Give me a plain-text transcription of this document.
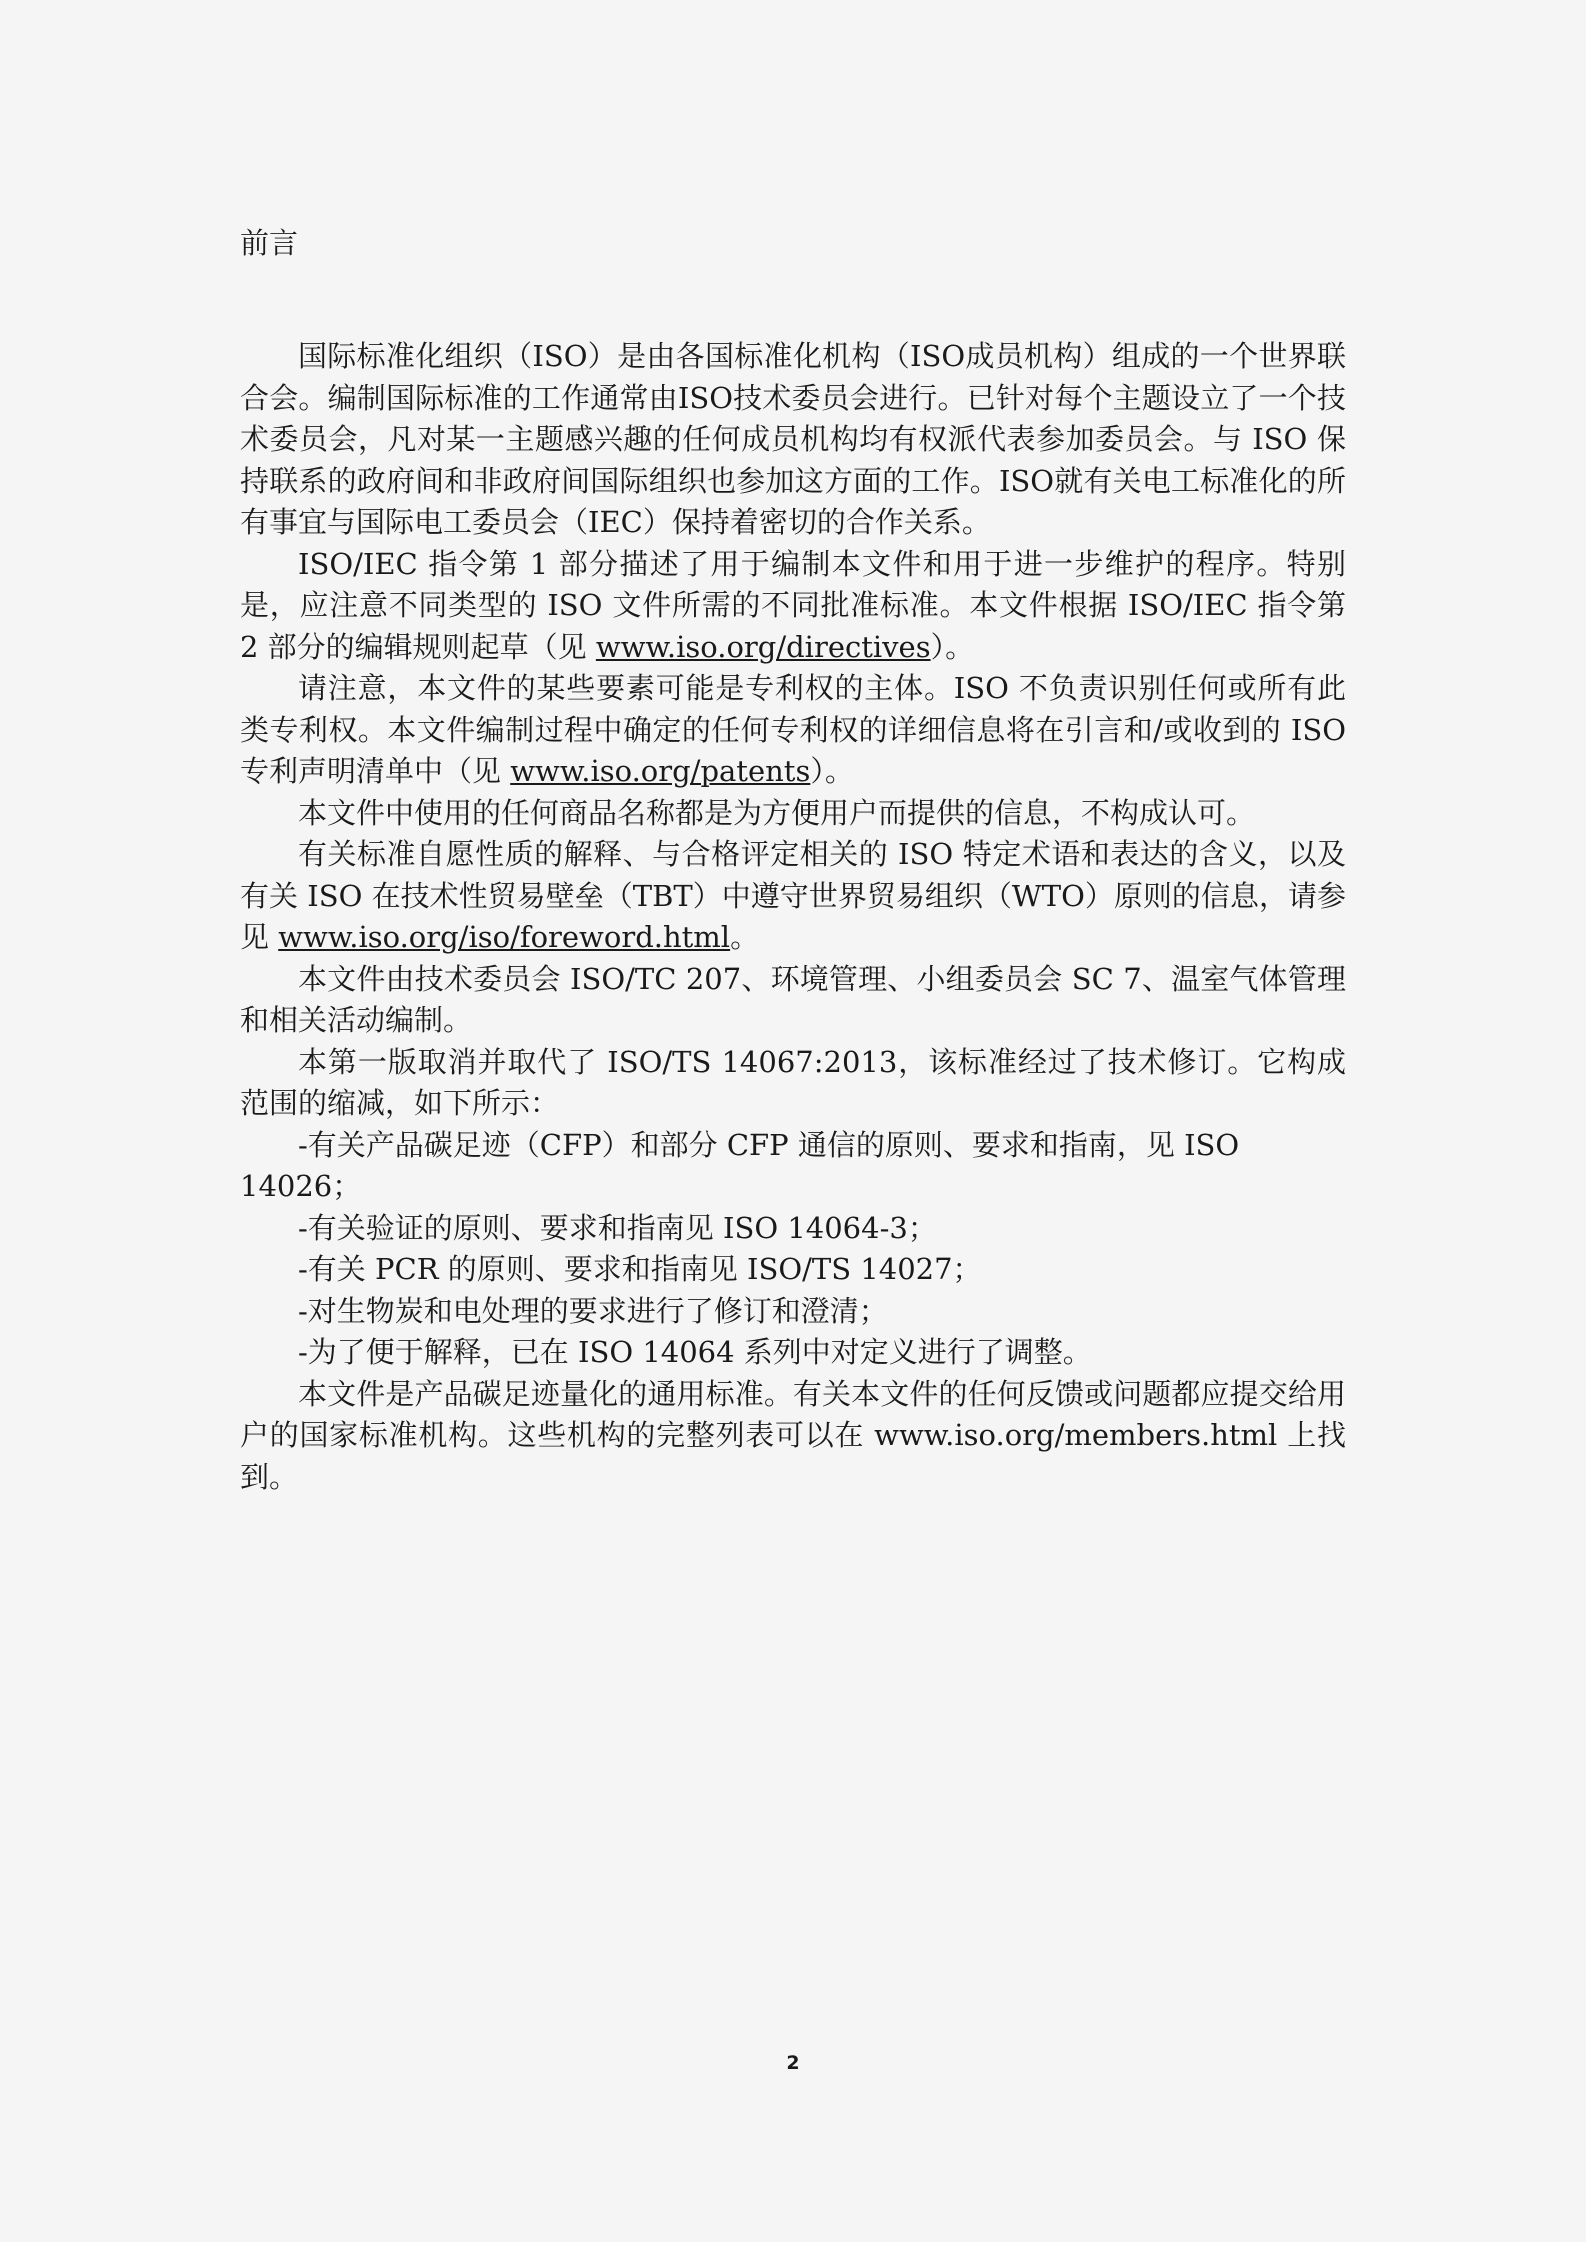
前言

国际标准化组织（ISO）是由各国标准化机构（ISO成员机构）组成的一个世界联合会。编制国际标准的工作通常由ISO技术委员会进行。已针对每个主题设立了一个技术委员会，凡对某一主题感兴趣的任何成员机构均有权派代表参加委员会。与 ISO 保持联系的政府间和非政府间国际组织也参加这方面的工作。ISO就有关电工标准化的所有事宜与国际电工委员会（IEC）保持着密切的合作关系。

ISO/IEC 指令第 1 部分描述了用于编制本文件和用于进一步维护的程序。特别是，应注意不同类型的 ISO 文件所需的不同批准标准。本文件根据 ISO/IEC 指令第 2 部分的编辑规则起草（见 www.iso.org/directives）。

请注意，本文件的某些要素可能是专利权的主体。ISO 不负责识别任何或所有此类专利权。本文件编制过程中确定的任何专利权的详细信息将在引言和/或收到的 ISO 专利声明清单中（见 www.iso.org/patents）。

本文件中使用的任何商品名称都是为方便用户而提供的信息，不构成认可。

有关标准自愿性质的解释、与合格评定相关的 ISO 特定术语和表达的含义，以及有关 ISO 在技术性贸易壁垒（TBT）中遵守世界贸易组织（WTO）原则的信息，请参见 www.iso.org/iso/foreword.html。

本文件由技术委员会 ISO/TC 207、环境管理、小组委员会 SC 7、温室气体管理和相关活动编制。

本第一版取消并取代了 ISO/TS 14067:2013，该标准经过了技术修订。它构成范围的缩减，如下所示：

-有关产品碳足迹（CFP）和部分 CFP 通信的原则、要求和指南，见 ISO 14026；

-有关验证的原则、要求和指南见 ISO 14064-3；

-有关 PCR 的原则、要求和指南见 ISO/TS 14027；

-对生物炭和电处理的要求进行了修订和澄清；

-为了便于解释，已在 ISO 14064 系列中对定义进行了调整。

本文件是产品碳足迹量化的通用标准。有关本文件的任何反馈或问题都应提交给用户的国家标准机构。这些机构的完整列表可以在 www.iso.org/members.html 上找到。

2
